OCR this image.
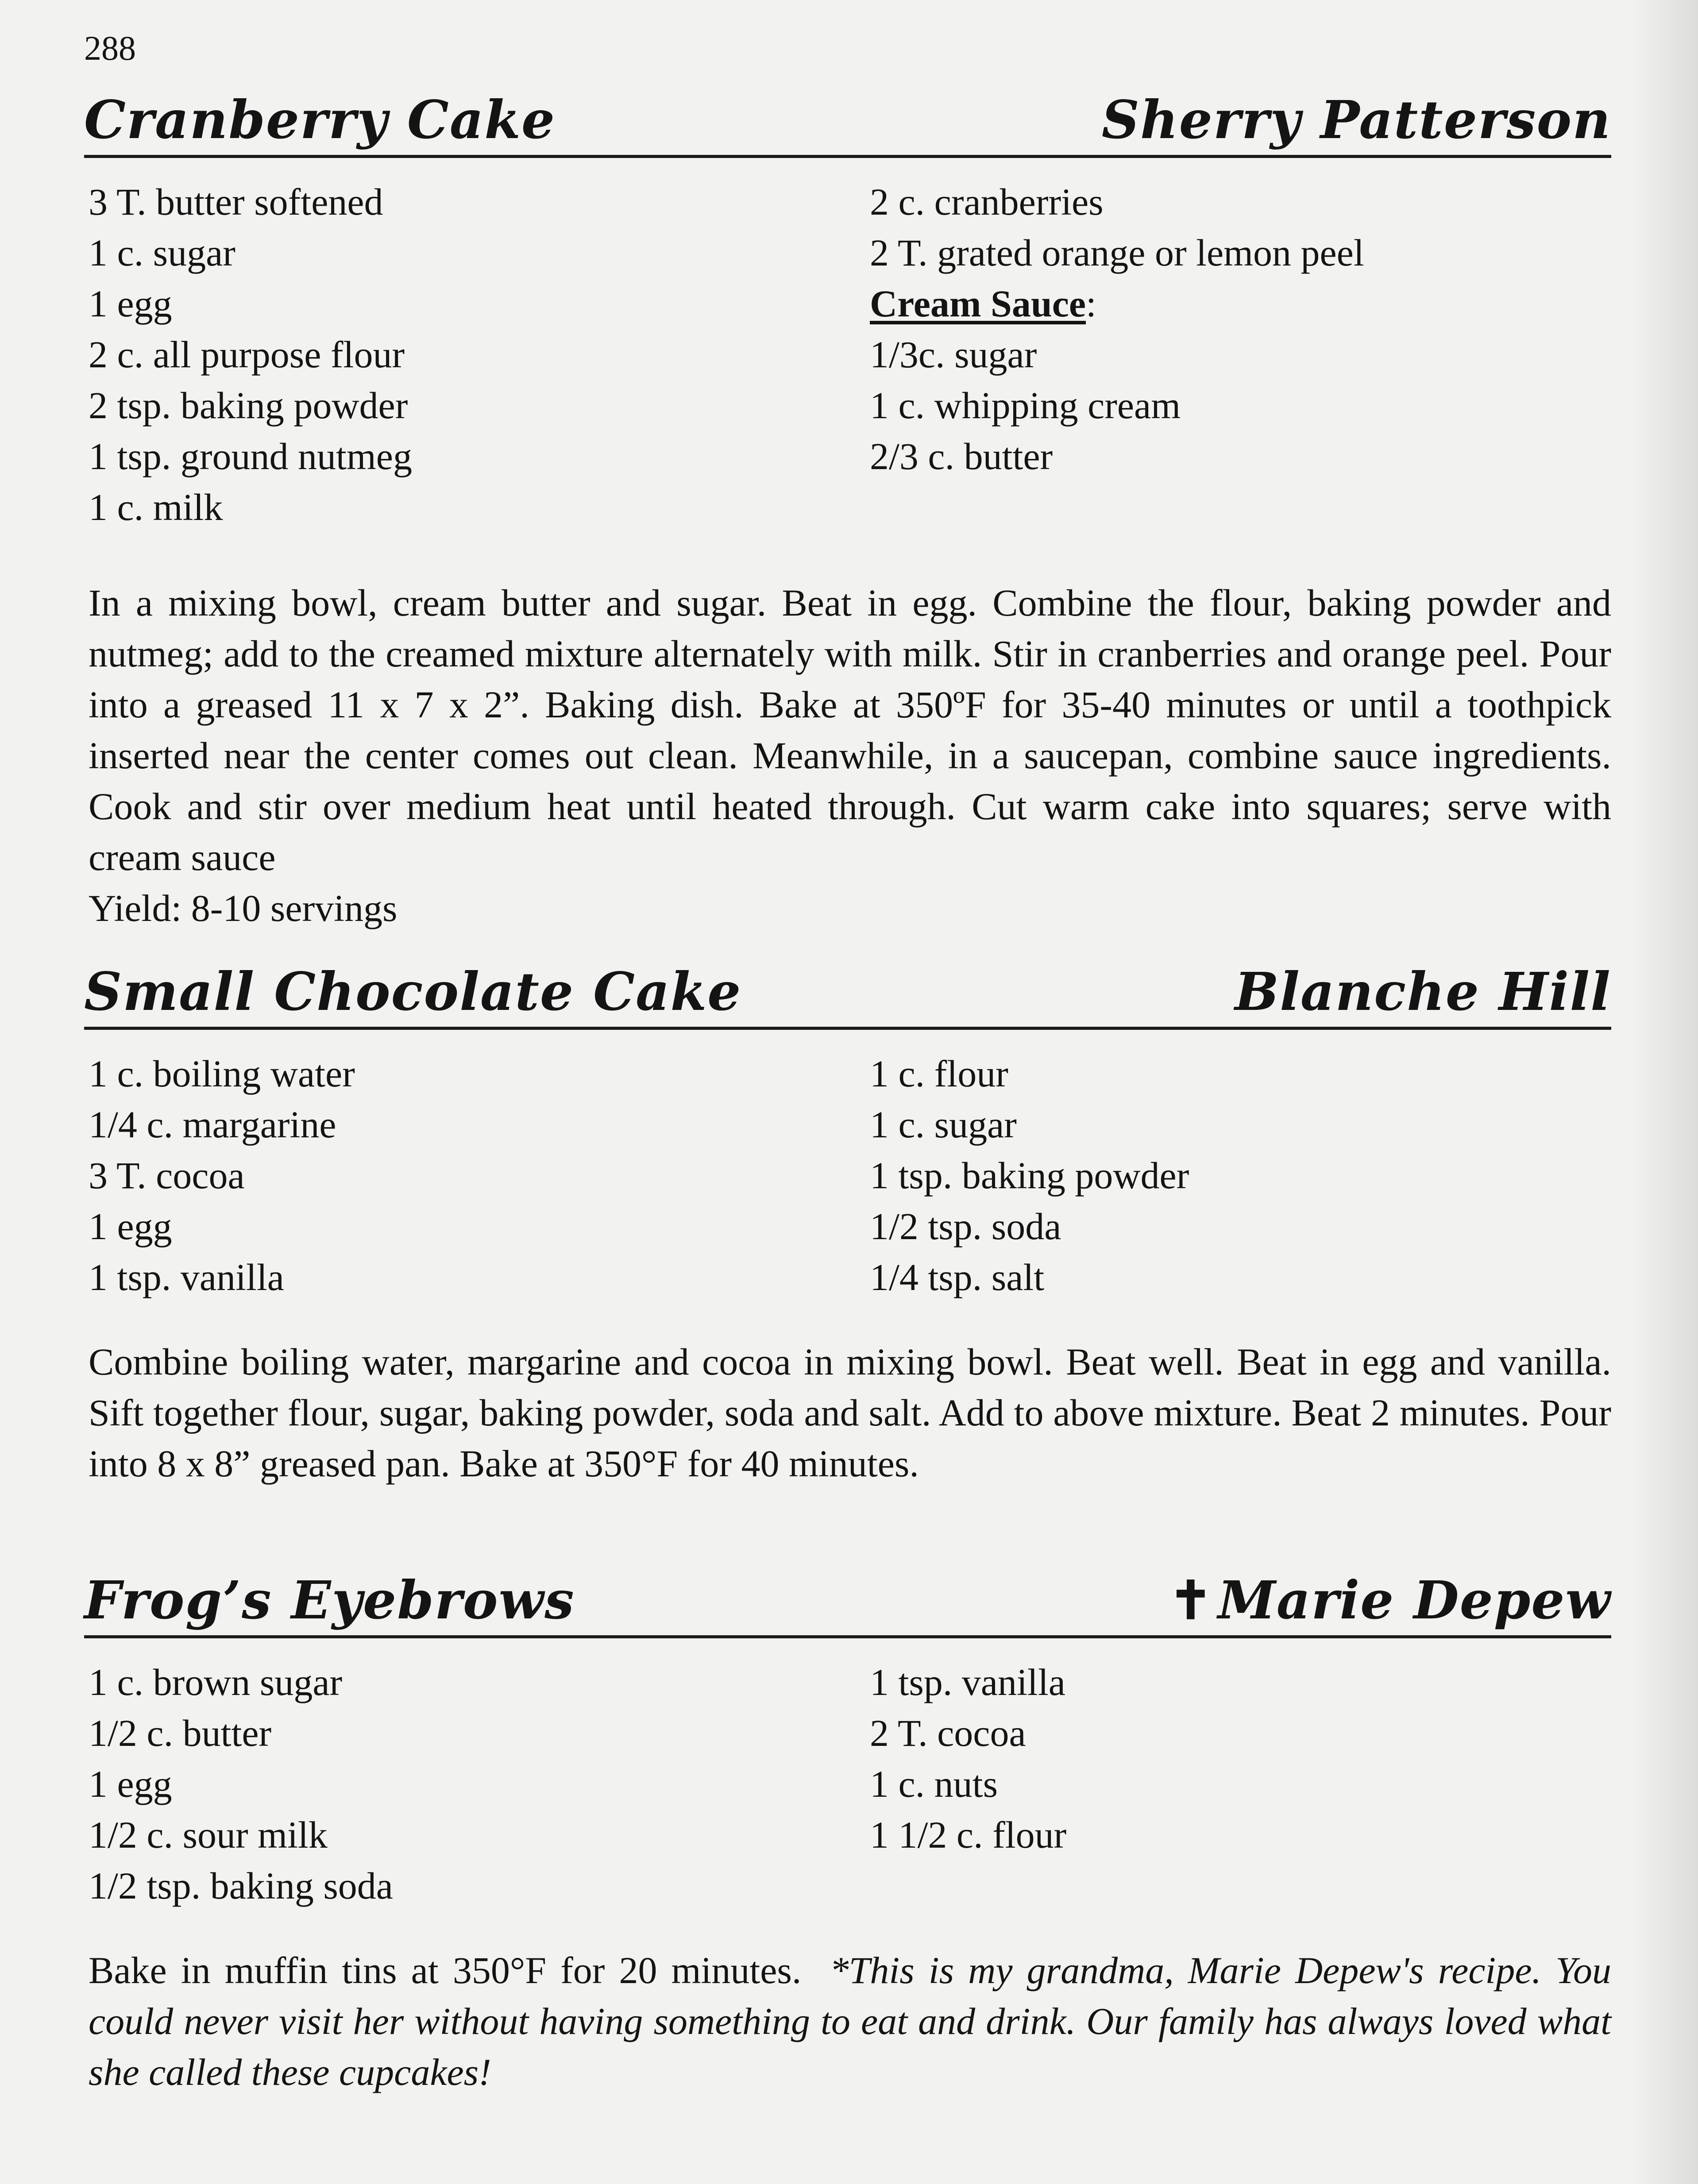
288
Cranberry Cake	Sherry Patterson
3 T. butter softened
1 c. sugar
1 egg
2 c. all purpose flour
2 tsp. baking powder
1 tsp. ground nutmeg
1 c. milk
2 c. cranberries
2 T. grated orange or lemon peel
Cream Sauce:
1/3c. sugar
1 c. whipping cream
2/3 c. butter
In a mixing bowl, cream butter and sugar. Beat in egg. Combine the flour, baking powder and nutmeg; add to the creamed mixture alternately with milk. Stir in cranberries and orange peel. Pour into a greased 11 x 7 x 2”. Baking dish. Bake at 350ºF for 35-40 minutes or until a toothpick inserted near the center comes out clean. Meanwhile, in a saucepan, combine sauce ingredients. Cook and stir over medium heat until heated through. Cut warm cake into squares; serve with cream sauce
Yield: 8-10 servings
Small Chocolate Cake	Blanche Hill
1 c. boiling water
1/4 c. margarine
3 T. cocoa
1 egg
1 tsp. vanilla
1 c. flour
1 c. sugar
1 tsp. baking powder
1/2 tsp. soda
1/4 tsp. salt
Combine boiling water, margarine and cocoa in mixing bowl. Beat well. Beat in egg and vanilla. Sift together flour, sugar, baking powder, soda and salt. Add to above mixture. Beat 2 minutes. Pour into 8 x 8” greased pan. Bake at 350°F for 40 minutes.
Frog’s Eyebrows	✝Marie Depew
1 c. brown sugar
1/2 c. butter
1 egg
1/2 c. sour milk
1/2 tsp. baking soda
1 tsp. vanilla
2 T. cocoa
1 c. nuts
1 1/2 c. flour
Bake in muffin tins at 350°F for 20 minutes. *This is my grandma, Marie Depew's recipe. You could never visit her without having something to eat and drink. Our family has always loved what she called these cupcakes!
